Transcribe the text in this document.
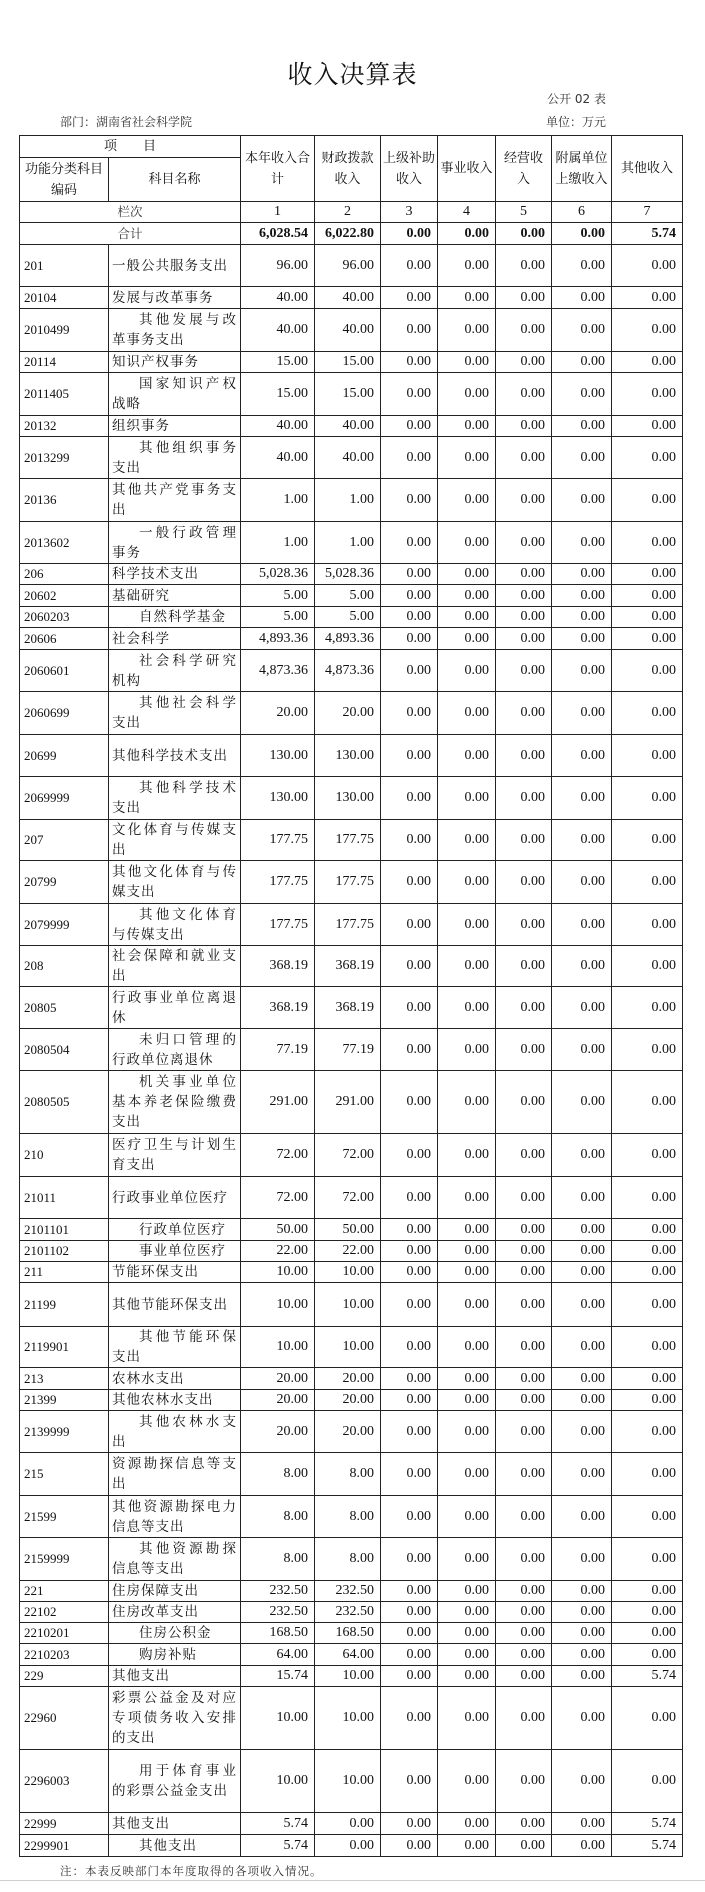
收入决算表
公开 02 表
部门：湖南省社会科学院	单位：万元
项　　目		本年收入合计	财政拨款收入	上级补助收入	事业收入	经营收入	附属单位上缴收入	其他收入
功能分类科目编码	科目名称							
栏次		1	2	3	4	5	6	7
合计		6,028.54	6,022.80	0.00	0.00	0.00	0.00	5.74
201	一般公共服务支出	96.00	96.00	0.00	0.00	0.00	0.00	0.00
20104	发展与改革事务	40.00	40.00	0.00	0.00	0.00	0.00	0.00
2010499	其他发展与改革事务支出	40.00	40.00	0.00	0.00	0.00	0.00	0.00
20114	知识产权事务	15.00	15.00	0.00	0.00	0.00	0.00	0.00
2011405	国家知识产权战略	15.00	15.00	0.00	0.00	0.00	0.00	0.00
20132	组织事务	40.00	40.00	0.00	0.00	0.00	0.00	0.00
2013299	其他组织事务支出	40.00	40.00	0.00	0.00	0.00	0.00	0.00
20136	其他共产党事务支出	1.00	1.00	0.00	0.00	0.00	0.00	0.00
2013602	一般行政管理事务	1.00	1.00	0.00	0.00	0.00	0.00	0.00
206	科学技术支出	5,028.36	5,028.36	0.00	0.00	0.00	0.00	0.00
20602	基础研究	5.00	5.00	0.00	0.00	0.00	0.00	0.00
2060203	自然科学基金	5.00	5.00	0.00	0.00	0.00	0.00	0.00
20606	社会科学	4,893.36	4,893.36	0.00	0.00	0.00	0.00	0.00
2060601	社会科学研究机构	4,873.36	4,873.36	0.00	0.00	0.00	0.00	0.00
2060699	其他社会科学支出	20.00	20.00	0.00	0.00	0.00	0.00	0.00
20699	其他科学技术支出	130.00	130.00	0.00	0.00	0.00	0.00	0.00
2069999	其他科学技术支出	130.00	130.00	0.00	0.00	0.00	0.00	0.00
207	文化体育与传媒支出	177.75	177.75	0.00	0.00	0.00	0.00	0.00
20799	其他文化体育与传媒支出	177.75	177.75	0.00	0.00	0.00	0.00	0.00
2079999	其他文化体育与传媒支出	177.75	177.75	0.00	0.00	0.00	0.00	0.00
208	社会保障和就业支出	368.19	368.19	0.00	0.00	0.00	0.00	0.00
20805	行政事业单位离退休	368.19	368.19	0.00	0.00	0.00	0.00	0.00
2080504	未归口管理的行政单位离退休	77.19	77.19	0.00	0.00	0.00	0.00	0.00
2080505	机关事业单位基本养老保险缴费支出	291.00	291.00	0.00	0.00	0.00	0.00	0.00
210	医疗卫生与计划生育支出	72.00	72.00	0.00	0.00	0.00	0.00	0.00
21011	行政事业单位医疗	72.00	72.00	0.00	0.00	0.00	0.00	0.00
2101101	行政单位医疗	50.00	50.00	0.00	0.00	0.00	0.00	0.00
2101102	事业单位医疗	22.00	22.00	0.00	0.00	0.00	0.00	0.00
211	节能环保支出	10.00	10.00	0.00	0.00	0.00	0.00	0.00
21199	其他节能环保支出	10.00	10.00	0.00	0.00	0.00	0.00	0.00
2119901	其他节能环保支出	10.00	10.00	0.00	0.00	0.00	0.00	0.00
213	农林水支出	20.00	20.00	0.00	0.00	0.00	0.00	0.00
21399	其他农林水支出	20.00	20.00	0.00	0.00	0.00	0.00	0.00
2139999	其他农林水支出	20.00	20.00	0.00	0.00	0.00	0.00	0.00
215	资源勘探信息等支出	8.00	8.00	0.00	0.00	0.00	0.00	0.00
21599	其他资源勘探电力信息等支出	8.00	8.00	0.00	0.00	0.00	0.00	0.00
2159999	其他资源勘探信息等支出	8.00	8.00	0.00	0.00	0.00	0.00	0.00
221	住房保障支出	232.50	232.50	0.00	0.00	0.00	0.00	0.00
22102	住房改革支出	232.50	232.50	0.00	0.00	0.00	0.00	0.00
2210201	住房公积金	168.50	168.50	0.00	0.00	0.00	0.00	0.00
2210203	购房补贴	64.00	64.00	0.00	0.00	0.00	0.00	0.00
229	其他支出	15.74	10.00	0.00	0.00	0.00	0.00	5.74
22960	彩票公益金及对应专项债务收入安排的支出	10.00	10.00	0.00	0.00	0.00	0.00	0.00
2296003	用于体育事业的彩票公益金支出	10.00	10.00	0.00	0.00	0.00	0.00	0.00
22999	其他支出	5.74	0.00	0.00	0.00	0.00	0.00	5.74
2299901	其他支出	5.74	0.00	0.00	0.00	0.00	0.00	5.74
注：本表反映部门本年度取得的各项收入情况。
